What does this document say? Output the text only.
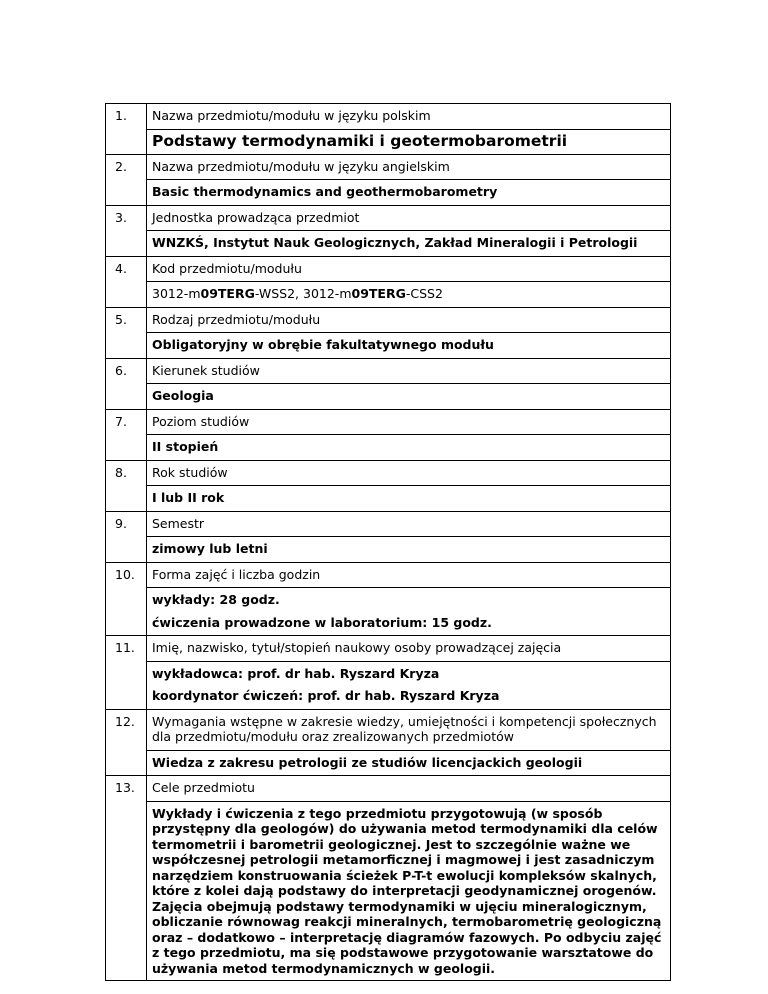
1.	Nazwa przedmiotu/modułu w języku polskim

	Podstawy termodynamiki i geotermobarometrii

2.	Nazwa przedmiotu/modułu w języku angielskim

	Basic thermodynamics and geothermobarometry

3.	Jednostka prowadząca przedmiot

	WNZKŚ, Instytut Nauk Geologicznych, Zakład Mineralogii i Petrologii

4.	Kod przedmiotu/modułu

	3012-m09TERG-WSS2, 3012-m09TERG-CSS2

5.	Rodzaj przedmiotu/modułu

	Obligatoryjny w obrębie fakultatywnego modułu

6.	Kierunek studiów

	Geologia

7.	Poziom studiów

	II stopień

8.	Rok studiów

	I lub II rok

9.	Semestr

	zimowy lub letni

10.	Forma zajęć i liczba godzin

	wykłady: 28 godz.
ćwiczenia prowadzone w laboratorium: 15 godz.

11.	Imię, nazwisko, tytuł/stopień naukowy osoby prowadzącej zajęcia

	wykładowca: prof. dr hab. Ryszard Kryza
koordynator ćwiczeń: prof. dr hab. Ryszard Kryza

12.	Wymagania wstępne w zakresie wiedzy, umiejętności i kompetencji społecznych dla przedmiotu/modułu oraz zrealizowanych przedmiotów

	Wiedza z zakresu petrologii ze studiów licencjackich geologii

13.	Cele przedmiotu

	Wykłady i ćwiczenia z tego przedmiotu przygotowują (w sposób przystępny dla geologów) do używania metod termodynamiki dla celów termometrii i barometrii geologicznej. Jest to szczególnie ważne we współczesnej petrologii metamorficznej i magmowej i jest zasadniczym narzędziem konstruowania ścieżek P-T-t ewolucji kompleksów skalnych, które z kolei dają podstawy do interpretacji geodynamicznej orogenów. Zajęcia obejmują podstawy termodynamiki w ujęciu mineralogicznym, obliczanie równowag reakcji mineralnych, termobarometrię geologiczną oraz – dodatkowo – interpretację diagramów fazowych. Po odbyciu zajęć z tego przedmiotu, ma się podstawowe przygotowanie warsztatowe do używania metod termodynamicznych w geologii.
